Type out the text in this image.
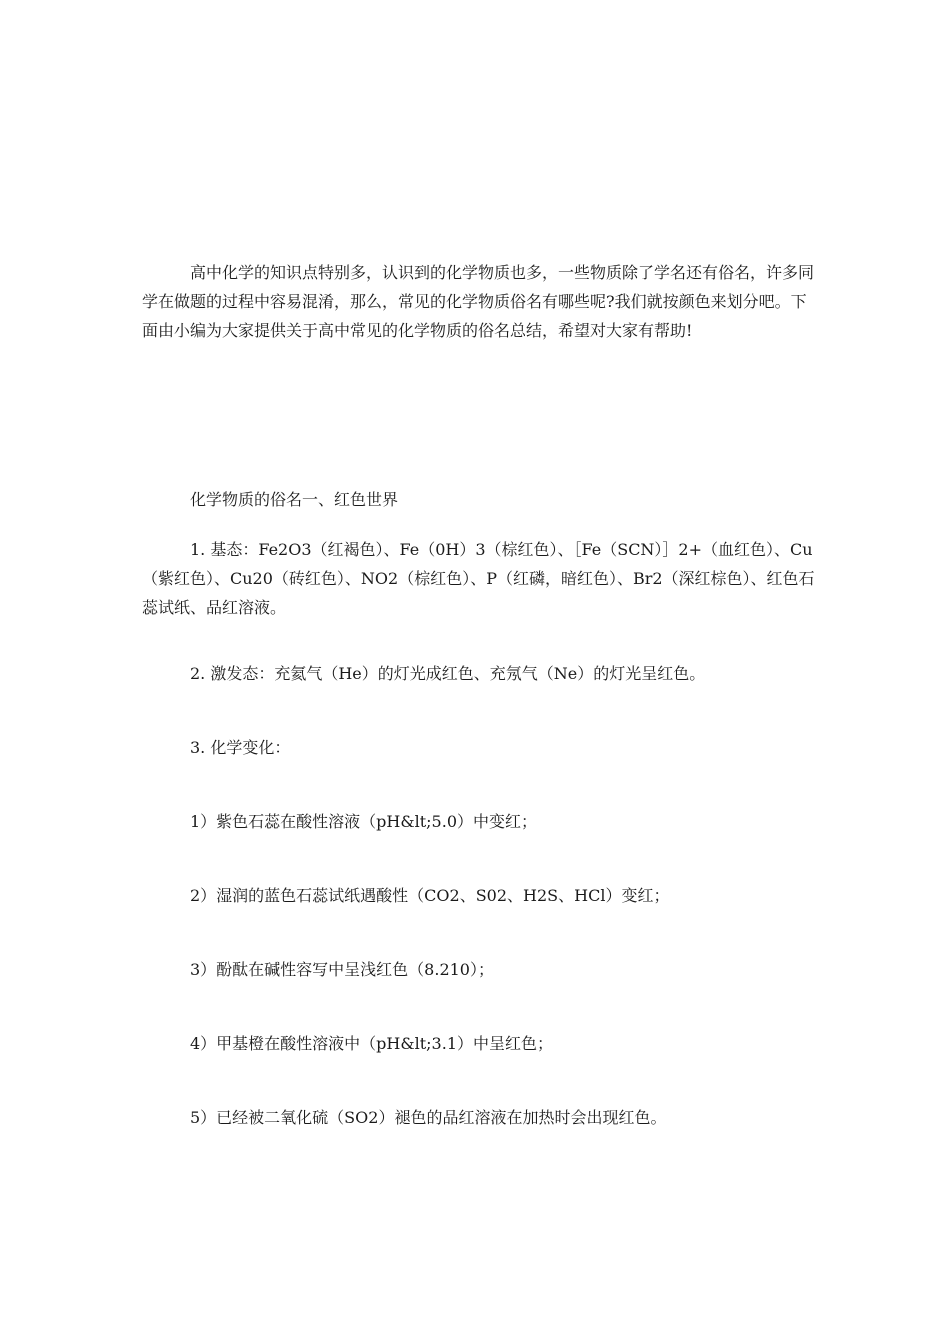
高中化学的知识点特别多，认识到的化学物质也多，一些物质除了学名还有俗名，许多同学在做题的过程中容易混淆，那么，常见的化学物质俗名有哪些呢?我们就按颜色来划分吧。下面由小编为大家提供关于高中常见的化学物质的俗名总结，希望对大家有帮助!

化学物质的俗名一、红色世界

1. 基态：Fe2O3（红褐色）、Fe（0H）3（棕红色）、［Fe（SCN）］2+（血红色）、Cu（紫红色）、Cu20（砖红色）、NO2（棕红色）、P（红磷，暗红色）、Br2（深红棕色）、红色石蕊试纸、品红溶液。

2. 激发态：充氦气（He）的灯光成红色、充氖气（Ne）的灯光呈红色。

3. 化学变化：

1）紫色石蕊在酸性溶液（pH&lt;5.0）中变红；

2）湿润的蓝色石蕊试纸遇酸性（CO2、S02、H2S、HCl）变红；

3）酚酞在碱性容写中呈浅红色（8.210）；

4）甲基橙在酸性溶液中（pH&lt;3.1）中呈红色；

5）已经被二氧化硫（SO2）褪色的品红溶液在加热时会出现红色。
